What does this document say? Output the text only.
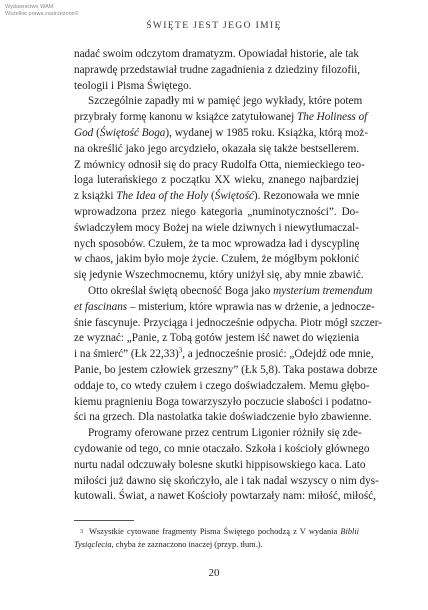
Wydawnictwo WAM
Wszelkie prawa zastrzeżone©
ŚWIĘTE JEST JEGO IMIĘ
nadać swoim odczytom dramatyzm. Opowiadał historie, ale tak
naprawdę przedstawiał trudne zagadnienia z dziedziny filozofii,
teologii i Pisma Świętego.
Szczególnie zapadły mi w pamięć jego wykłady, które potem
przybrały formę kanonu w książce zatytułowanej The Holiness of
God (Świętość Boga), wydanej w 1985 roku. Książka, którą moż-
na określić jako jego arcydzieło, okazała się także bestsellerem.
Z mównicy odnosił się do pracy Rudolfa Otta, niemieckiego teo-
loga luterańskiego z początku XX wieku, znanego najbardziej
z książki The Idea of the Holy (Świętość). Rezonowała we mnie
wprowadzona przez niego kategoria „numinotyczności”. Do-
świadczyłem mocy Bożej na wiele dziwnych i niewytłumaczal-
nych sposobów. Czułem, że ta moc wprowadza ład i dyscyplinę
w chaos, jakim było moje życie. Czułem, że mógłbym pokłonić
się jedynie Wszechmocnemu, który uniżył się, aby mnie zbawić.
Otto określał świętą obecność Boga jako mysterium tremendum
et fascinans – misterium, które wprawia nas w drżenie, a jednocze-
śnie fascynuje. Przyciąga i jednocześnie odpycha. Piotr mógł szczer-
ze wyznać: „Panie, z Tobą gotów jestem iść nawet do więzienia
i na śmierć” (Łk 22,33)$^3$, a jednocześnie prosić: „Odejdź ode mnie,
Panie, bo jestem człowiek grzeszny” (Łk 5,8). Taka postawa dobrze
oddaje to, co wtedy czułem i czego doświadczałem. Memu głębo-
kiemu pragnieniu Boga towarzyszyło poczucie słabości i podatno-
ści na grzech. Dla nastolatka takie doświadczenie było zbawienne.
Programy oferowane przez centrum Ligonier różniły się zde-
cydowanie od tego, co mnie otaczało. Szkoła i kościoły głównego
nurtu nadal odczuwały bolesne skutki hippisowskiego kaca. Lato
miłości już dawno się skończyło, ale i tak nadal wszyscy o nim dys-
kutowali. Świat, a nawet Kościoły powtarzały nam: miłość, miłość,
$^3$ Wszystkie cytowane fragmenty Pisma Świętego pochodzą z V wydania Biblii
Tysiąclecia, chyba że zaznaczono inaczej (przyp. tłum.).
20
